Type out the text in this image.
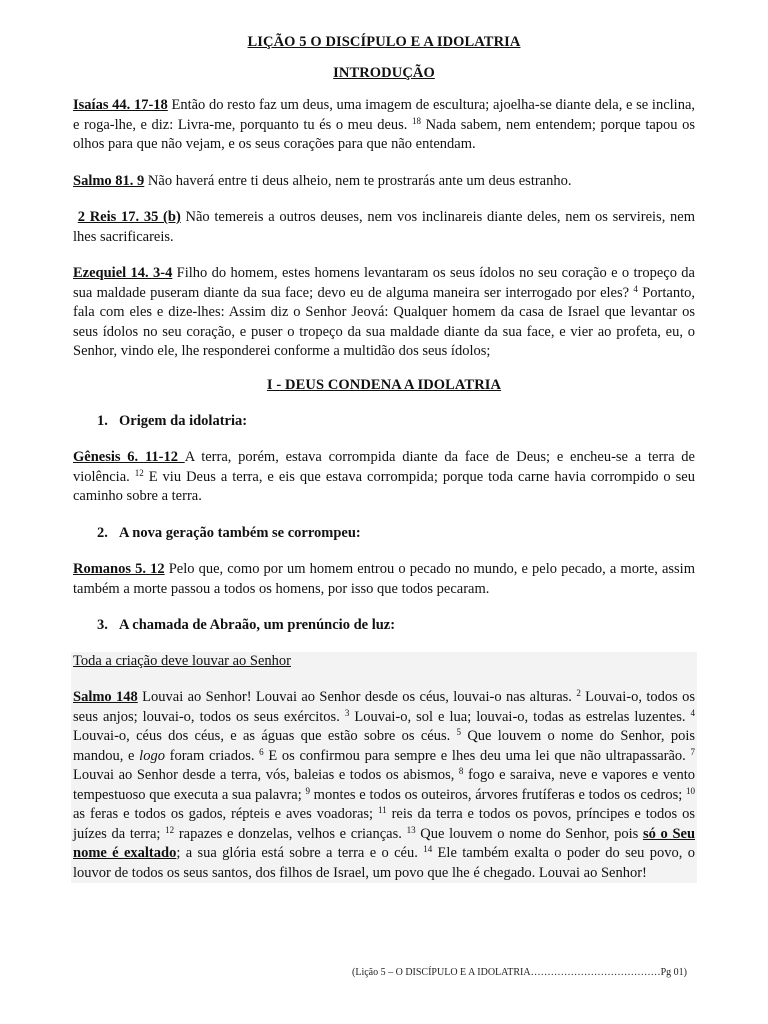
LIÇÃO 5 O DISCÍPULO E A IDOLATRIA
INTRODUÇÃO

Isaías 44. 17-18 Então do resto faz um deus, uma imagem de escultura; ajoelha-se diante dela, e se inclina, e roga-lhe, e diz: Livra-me, porquanto tu és o meu deus. $^{18}$ Nada sabem, nem entendem; porque tapou os olhos para que não vejam, e os seus corações para que não entendam.

Salmo 81. 9 Não haverá entre ti deus alheio, nem te prostrarás ante um deus estranho.

2 Reis 17. 35 (b) Não temereis a outros deuses, nem vos inclinareis diante deles, nem os servireis, nem lhes sacrificareis.

Ezequiel 14. 3-4 Filho do homem, estes homens levantaram os seus ídolos no seu coração e o tropeço da sua maldade puseram diante da sua face; devo eu de alguma maneira ser interrogado por eles? $^4$ Portanto, fala com eles e dize-lhes: Assim diz o Senhor Jeová: Qualquer homem da casa de Israel que levantar os seus ídolos no seu coração, e puser o tropeço da sua maldade diante da sua face, e vier ao profeta, eu, o Senhor, vindo ele, lhe responderei conforme a multidão dos seus ídolos;

I - DEUS CONDENA A IDOLATRIA
1. Origem da idolatria:

Gênesis 6. 11-12 A terra, porém, estava corrompida diante da face de Deus; e encheu-se a terra de violência. $^{12}$ E viu Deus a terra, e eis que estava corrompida; porque toda carne havia corrompido o seu caminho sobre a terra.

2. A nova geração também se corrompeu:

Romanos 5. 12 Pelo que, como por um homem entrou o pecado no mundo, e pelo pecado, a morte, assim também a morte passou a todos os homens, por isso que todos pecaram.

3. A chamada de Abraão, um prenúncio de luz:
Toda a criação deve louvar ao Senhor

Salmo 148 Louvai ao Senhor! Louvai ao Senhor desde os céus, louvai-o nas alturas. $^2$ Louvai-o, todos os seus anjos; louvai-o, todos os seus exércitos. $^3$ Louvai-o, sol e lua; louvai-o, todas as estrelas luzentes. $^4$ Louvai-o, céus dos céus, e as águas que estão sobre os céus. $^5$ Que louvem o nome do Senhor, pois mandou, e logo foram criados. $^6$ E os confirmou para sempre e lhes deu uma lei que não ultrapassarão. $^7$ Louvai ao Senhor desde a terra, vós, baleias e todos os abismos, $^8$ fogo e saraiva, neve e vapores e vento tempestuoso que executa a sua palavra; $^9$ montes e todos os outeiros, árvores frutíferas e todos os cedros; $^{10}$ as feras e todos os gados, répteis e aves voadoras; $^{11}$ reis da terra e todos os povos, príncipes e todos os juízes da terra; $^{12}$ rapazes e donzelas, velhos e crianças. $^{13}$ Que louvem o nome do Senhor, pois só o Seu nome é exaltado; a sua glória está sobre a terra e o céu. $^{14}$ Ele também exalta o poder do seu povo, o louvor de todos os seus santos, dos filhos de Israel, um povo que lhe é chegado. Louvai ao Senhor!

(Lição 5 – O DISCÍPULO E A IDOLATRIA…………………………………Pg 01)
